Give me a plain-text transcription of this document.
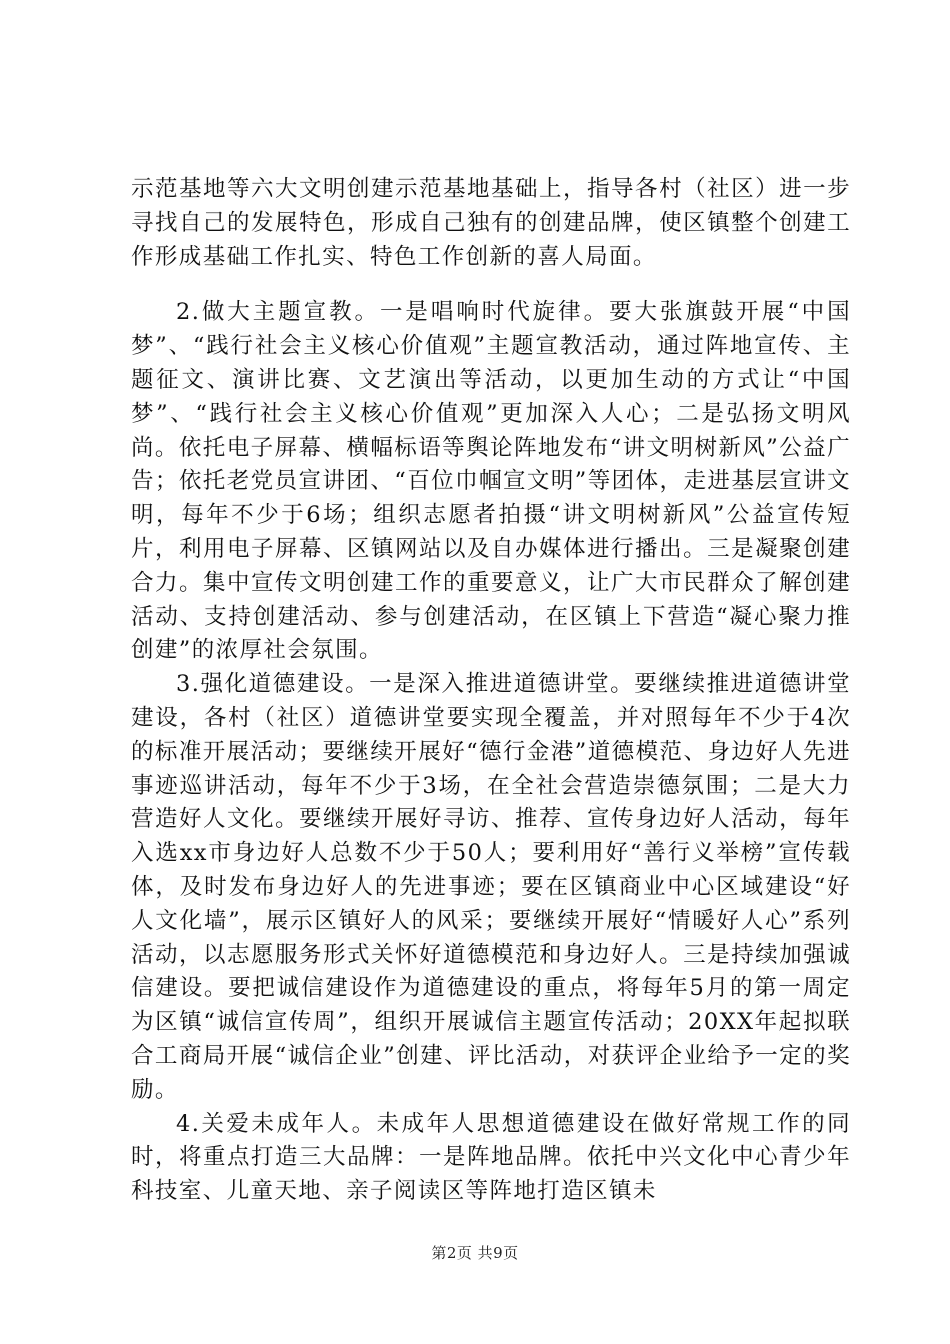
示范基地等六大文明创建示范基地基础上，指导各村（社区）进一步寻找自己的发展特色，形成自己独有的创建品牌，使区镇整个创建工作形成基础工作扎实、特色工作创新的喜人局面。

2.做大主题宣教。一是唱响时代旋律。要大张旗鼓开展“中国梦”、“践行社会主义核心价值观”主题宣教活动，通过阵地宣传、主题征文、演讲比赛、文艺演出等活动，以更加生动的方式让“中国梦”、“践行社会主义核心价值观”更加深入人心；二是弘扬文明风尚。依托电子屏幕、横幅标语等舆论阵地发布“讲文明树新风”公益广告；依托老党员宣讲团、“百位巾帼宣文明”等团体，走进基层宣讲文明，每年不少于6场；组织志愿者拍摄“讲文明树新风”公益宣传短片，利用电子屏幕、区镇网站以及自办媒体进行播出。三是凝聚创建合力。集中宣传文明创建工作的重要意义，让广大市民群众了解创建活动、支持创建活动、参与创建活动，在区镇上下营造“凝心聚力推创建”的浓厚社会氛围。

3.强化道德建设。一是深入推进道德讲堂。要继续推进道德讲堂建设，各村（社区）道德讲堂要实现全覆盖，并对照每年不少于4次的标准开展活动；要继续开展好“德行金港”道德模范、身边好人先进事迹巡讲活动，每年不少于3场，在全社会营造崇德氛围；二是大力营造好人文化。要继续开展好寻访、推荐、宣传身边好人活动，每年入选xx市身边好人总数不少于50人；要利用好“善行义举榜”宣传载体，及时发布身边好人的先进事迹；要在区镇商业中心区域建设“好人文化墙”，展示区镇好人的风采；要继续开展好“情暖好人心”系列活动，以志愿服务形式关怀好道德模范和身边好人。三是持续加强诚信建设。要把诚信建设作为道德建设的重点，将每年5月的第一周定为区镇“诚信宣传周”，组织开展诚信主题宣传活动；20XX年起拟联合工商局开展“诚信企业”创建、评比活动，对获评企业给予一定的奖励。

4.关爱未成年人。未成年人思想道德建设在做好常规工作的同时，将重点打造三大品牌：一是阵地品牌。依托中兴文化中心青少年科技室、儿童天地、亲子阅读区等阵地打造区镇未

第2页 共9页
